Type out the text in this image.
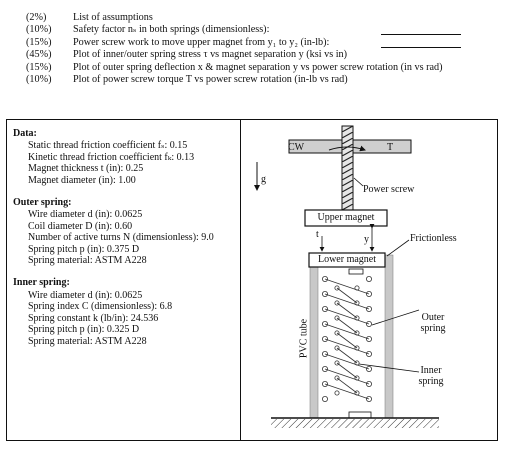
(2%)	List of assumptions
(10%) Safety factor nₛ in both springs (dimensionless):
(15%) Power screw work to move upper magnet from y₁ to y₂ (in-lb):
(45%) Plot of inner/outer spring stress τ vs magnet separation y (ksi vs in)
(15%) Plot of outer spring deflection x & magnet separation y vs power screw rotation (in vs rad)
(10%) Plot of power screw torque T vs power screw rotation (in-lb vs rad)
Data:
Static thread friction coefficient fₛ: 0.15
Kinetic thread friction coefficient fₖ: 0.13
Magnet thickness t (in): 0.25
Magnet diameter (in): 1.00
Outer spring:
Wire diameter d (in): 0.0625
Coil diameter D (in): 0.60
Number of active turns N (dimensionless): 9.0
Spring pitch p (in): 0.375 D
Spring material: ASTM A228
Inner spring:
Wire diameter d (in): 0.0625
Spring index C (dimensionless): 6.8
Spring constant k (lb/in): 24.536
Spring pitch p (in): 0.325 D
Spring material: ASTM A228
CW	T
g
Power screw
Upper magnet
t	y	Frictionless
Lower magnet
PVC tube
Outer
spring
Inner
spring
